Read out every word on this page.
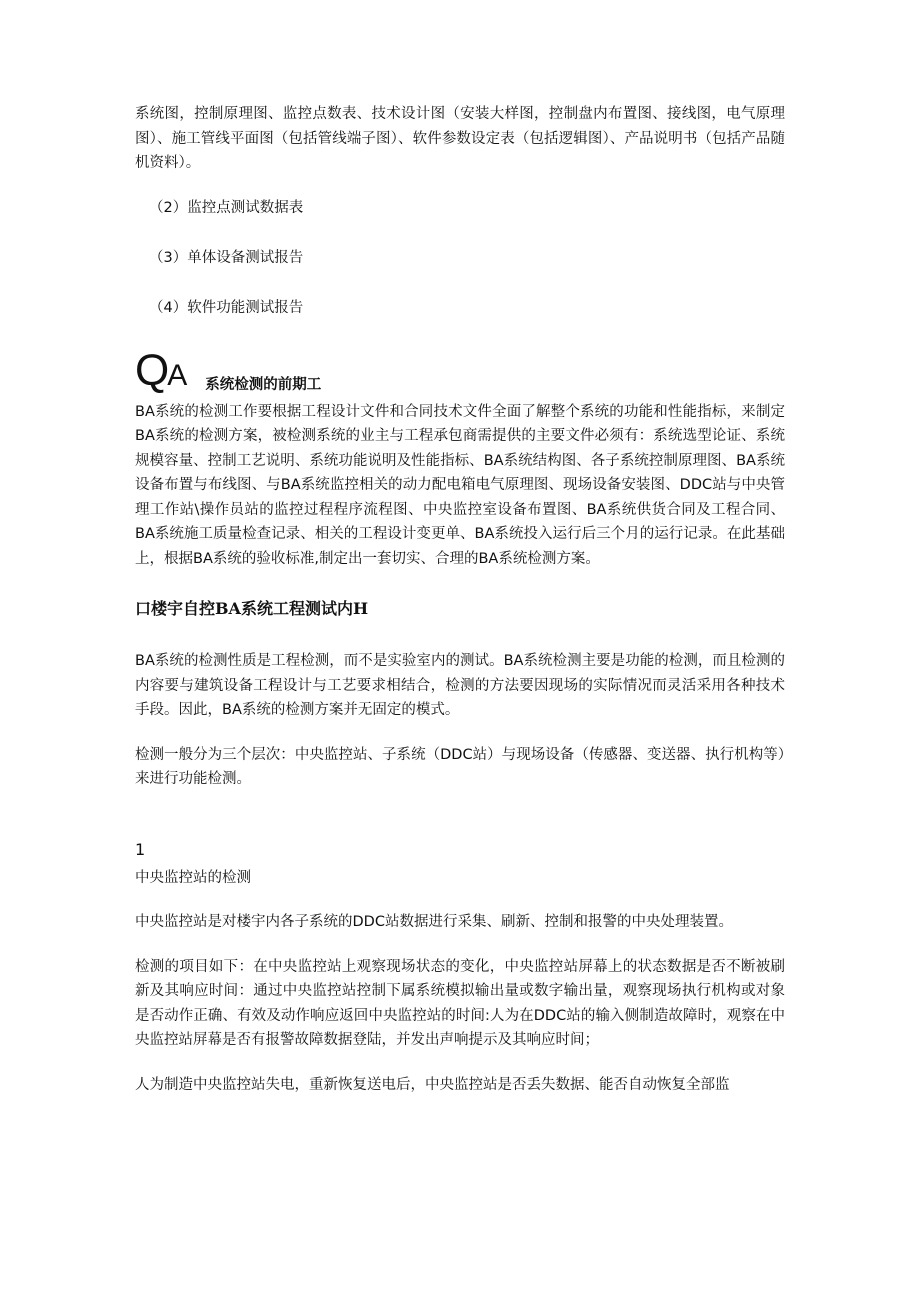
系统图，控制原理图、监控点数表、技术设计图（安装大样图，控制盘内布置图、接线图，电气原理图）、施工管线平面图（包括管线端子图）、软件参数设定表（包括逻辑图）、产品说明书（包括产品随机资料）。

（2）监控点测试数据表
（3）单体设备测试报告
（4）软件功能测试报告
QA 系统检测的前期工

BA系统的检测工作要根据工程设计文件和合同技术文件全面了解整个系统的功能和性能指标，来制定BA系统的检测方案，被检测系统的业主与工程承包商需提供的主要文件必须有：系统选型论证、系统规模容量、控制工艺说明、系统功能说明及性能指标、BA系统结构图、各子系统控制原理图、BA系统设备布置与布线图、与BA系统监控相关的动力配电箱电气原理图、现场设备安装图、DDC站与中央管理工作站\操作员站的监控过程程序流程图、中央监控室设备布置图、BA系统供货合同及工程合同、BA系统施工质量检查记录、相关的工程设计变更单、BA系统投入运行后三个月的运行记录。在此基础上，根据BA系统的验收标准,制定出一套切实、合理的BA系统检测方案。

口楼宇自控BA系统工程测试内H

BA系统的检测性质是工程检测，而不是实验室内的测试。BA系统检测主要是功能的检测，而且检测的内容要与建筑设备工程设计与工艺要求相结合，检测的方法要因现场的实际情况而灵活采用各种技术手段。因此，BA系统的检测方案并无固定的模式。

检测一般分为三个层次：中央监控站、子系统（DDC站）与现场设备（传感器、变送器、执行机构等）来进行功能检测。

1

中央监控站的检测

中央监控站是对楼宇内各子系统的DDC站数据进行采集、刷新、控制和报警的中央处理装置。

检测的项目如下：在中央监控站上观察现场状态的变化，中央监控站屏幕上的状态数据是否不断被刷新及其响应时间：通过中央监控站控制下属系统模拟输出量或数字输出量，观察现场执行机构或对象是否动作正确、有效及动作响应返回中央监控站的时间:人为在DDC站的输入侧制造故障时，观察在中央监控站屏幕是否有报警故障数据登陆，并发出声响提示及其响应时间；

人为制造中央监控站失电，重新恢复送电后，中央监控站是否丢失数据、能否自动恢复全部监
